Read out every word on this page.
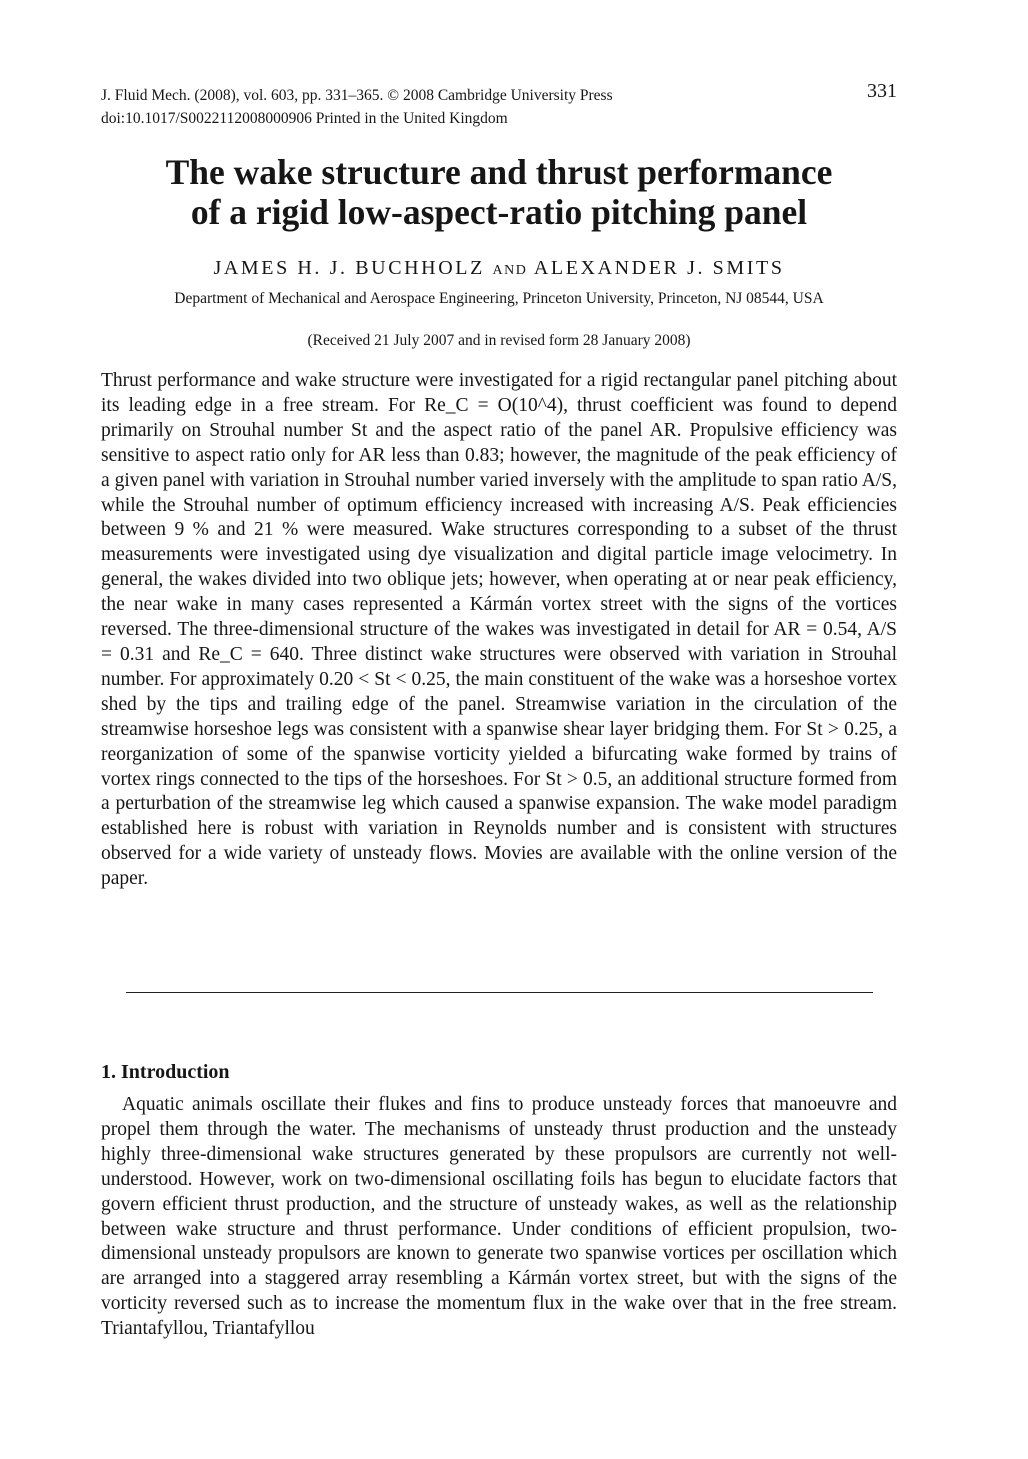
J. Fluid Mech. (2008), vol. 603, pp. 331–365. © 2008 Cambridge University Press
doi:10.1017/S0022112008000906 Printed in the United Kingdom
331
The wake structure and thrust performance
of a rigid low-aspect-ratio pitching panel
JAMES H. J. BUCHHOLZ AND ALEXANDER J. SMITS
Department of Mechanical and Aerospace Engineering, Princeton University, Princeton, NJ 08544, USA
(Received 21 July 2007 and in revised form 28 January 2008)

Thrust performance and wake structure were investigated for a rigid rectangular panel pitching about its leading edge in a free stream. For Re_C = O(10^4), thrust coefficient was found to depend primarily on Strouhal number St and the aspect ratio of the panel AR. Propulsive efficiency was sensitive to aspect ratio only for AR less than 0.83; however, the magnitude of the peak efficiency of a given panel with variation in Strouhal number varied inversely with the amplitude to span ratio A/S, while the Strouhal number of optimum efficiency increased with increasing A/S. Peak efficiencies between 9 % and 21 % were measured. Wake structures corresponding to a subset of the thrust measurements were investigated using dye visualization and digital particle image velocimetry. In general, the wakes divided into two oblique jets; however, when operating at or near peak efficiency, the near wake in many cases represented a Kármán vortex street with the signs of the vortices reversed. The three-dimensional structure of the wakes was investigated in detail for AR = 0.54, A/S = 0.31 and Re_C = 640. Three distinct wake structures were observed with variation in Strouhal number. For approximately 0.20 < St < 0.25, the main constituent of the wake was a horseshoe vortex shed by the tips and trailing edge of the panel. Streamwise variation in the circulation of the streamwise horseshoe legs was consistent with a spanwise shear layer bridging them. For St > 0.25, a reorganization of some of the spanwise vorticity yielded a bifurcating wake formed by trains of vortex rings connected to the tips of the horseshoes. For St > 0.5, an additional structure formed from a perturbation of the streamwise leg which caused a spanwise expansion. The wake model paradigm established here is robust with variation in Reynolds number and is consistent with structures observed for a wide variety of unsteady flows. Movies are available with the online version of the paper.

1. Introduction

Aquatic animals oscillate their flukes and fins to produce unsteady forces that manoeuvre and propel them through the water. The mechanisms of unsteady thrust production and the unsteady highly three-dimensional wake structures generated by these propulsors are currently not well-understood. However, work on two-dimensional oscillating foils has begun to elucidate factors that govern efficient thrust production, and the structure of unsteady wakes, as well as the relationship between wake structure and thrust performance. Under conditions of efficient propulsion, two-dimensional unsteady propulsors are known to generate two spanwise vortices per oscillation which are arranged into a staggered array resembling a Kármán vortex street, but with the signs of the vorticity reversed such as to increase the momentum flux in the wake over that in the free stream. Triantafyllou, Triantafyllou
